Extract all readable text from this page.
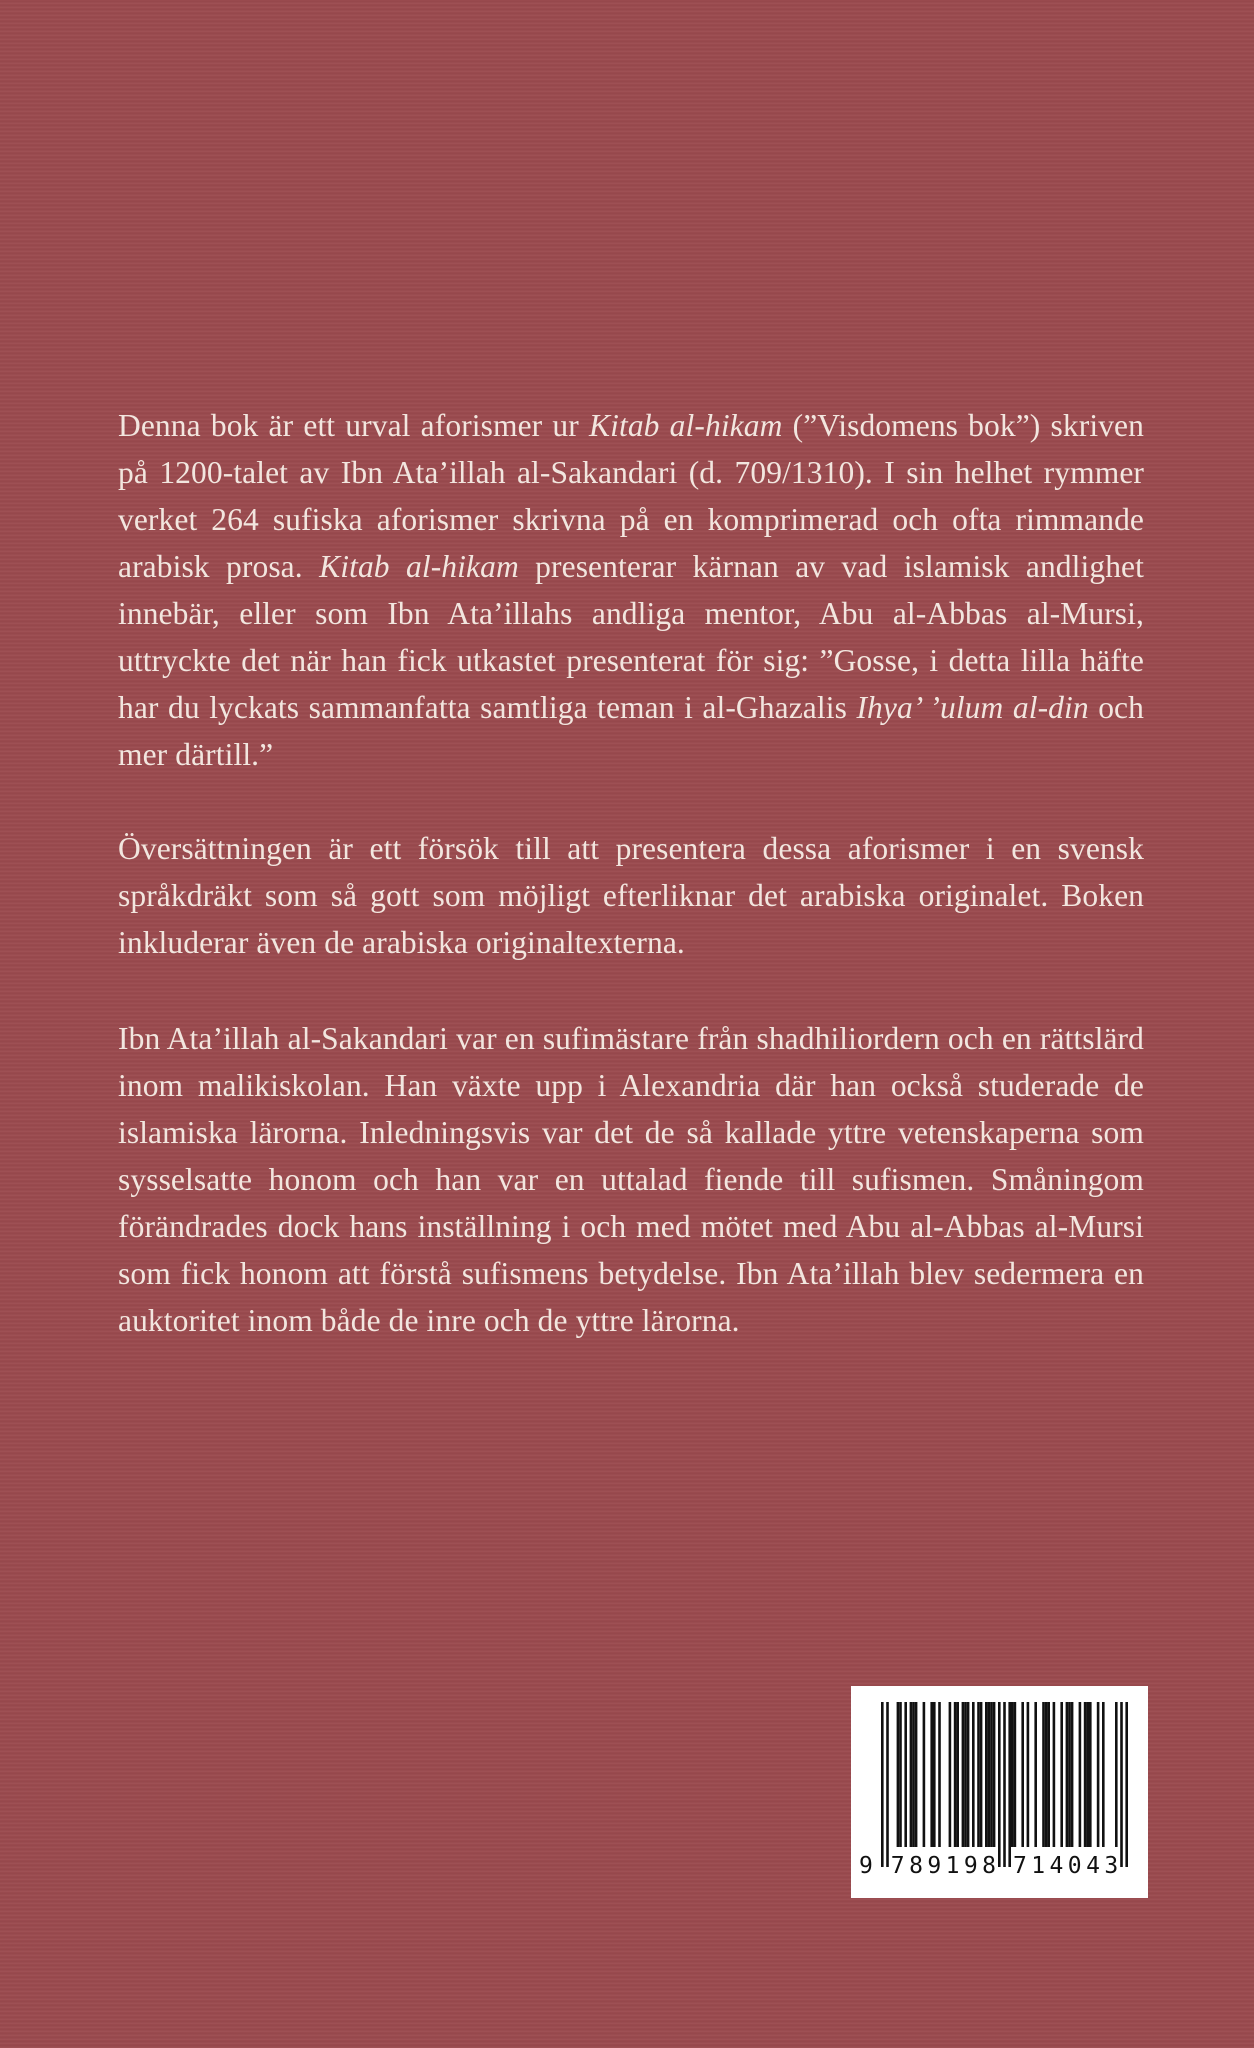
Denna bok är ett urval aforismer ur Kitab al-hikam (”Visdomens bok”) skriven på 1200-talet av Ibn Ata’illah al-Sakandari (d. 709/1310). I sin helhet rymmer verket 264 sufiska aforismer skrivna på en komprimerad och ofta rimmande arabisk prosa. Kitab al-hikam presenterar kärnan av vad islamisk andlighet innebär, eller som Ibn Ata’illahs andliga mentor, Abu al-Abbas al-Mursi, uttryckte det när han fick utkastet presenterat för sig: ”Gosse, i detta lilla häfte har du lyckats sammanfatta samtliga teman i al-Ghazalis Ihya’ ’ulum al-din och mer därtill.”

Översättningen är ett försök till att presentera dessa aforismer i en svensk språkdräkt som så gott som möjligt efterliknar det arabiska originalet. Boken inkluderar även de arabiska originaltexterna.

Ibn Ata’illah al-Sakandari var en sufimästare från shadhiliordern och en rättslärd inom malikiskolan. Han växte upp i Alexandria där han också studerade de islamiska lärorna. Inledningsvis var det de så kallade yttre vetenskaperna som sysselsatte honom och han var en uttalad fiende till sufismen. Småningom förändrades dock hans inställning i och med mötet med Abu al-Abbas al-Mursi som fick honom att förstå sufismens betydelse. Ibn Ata’illah blev sedermera en auktoritet inom både de inre och de yttre lärorna.

9 789198 714043
